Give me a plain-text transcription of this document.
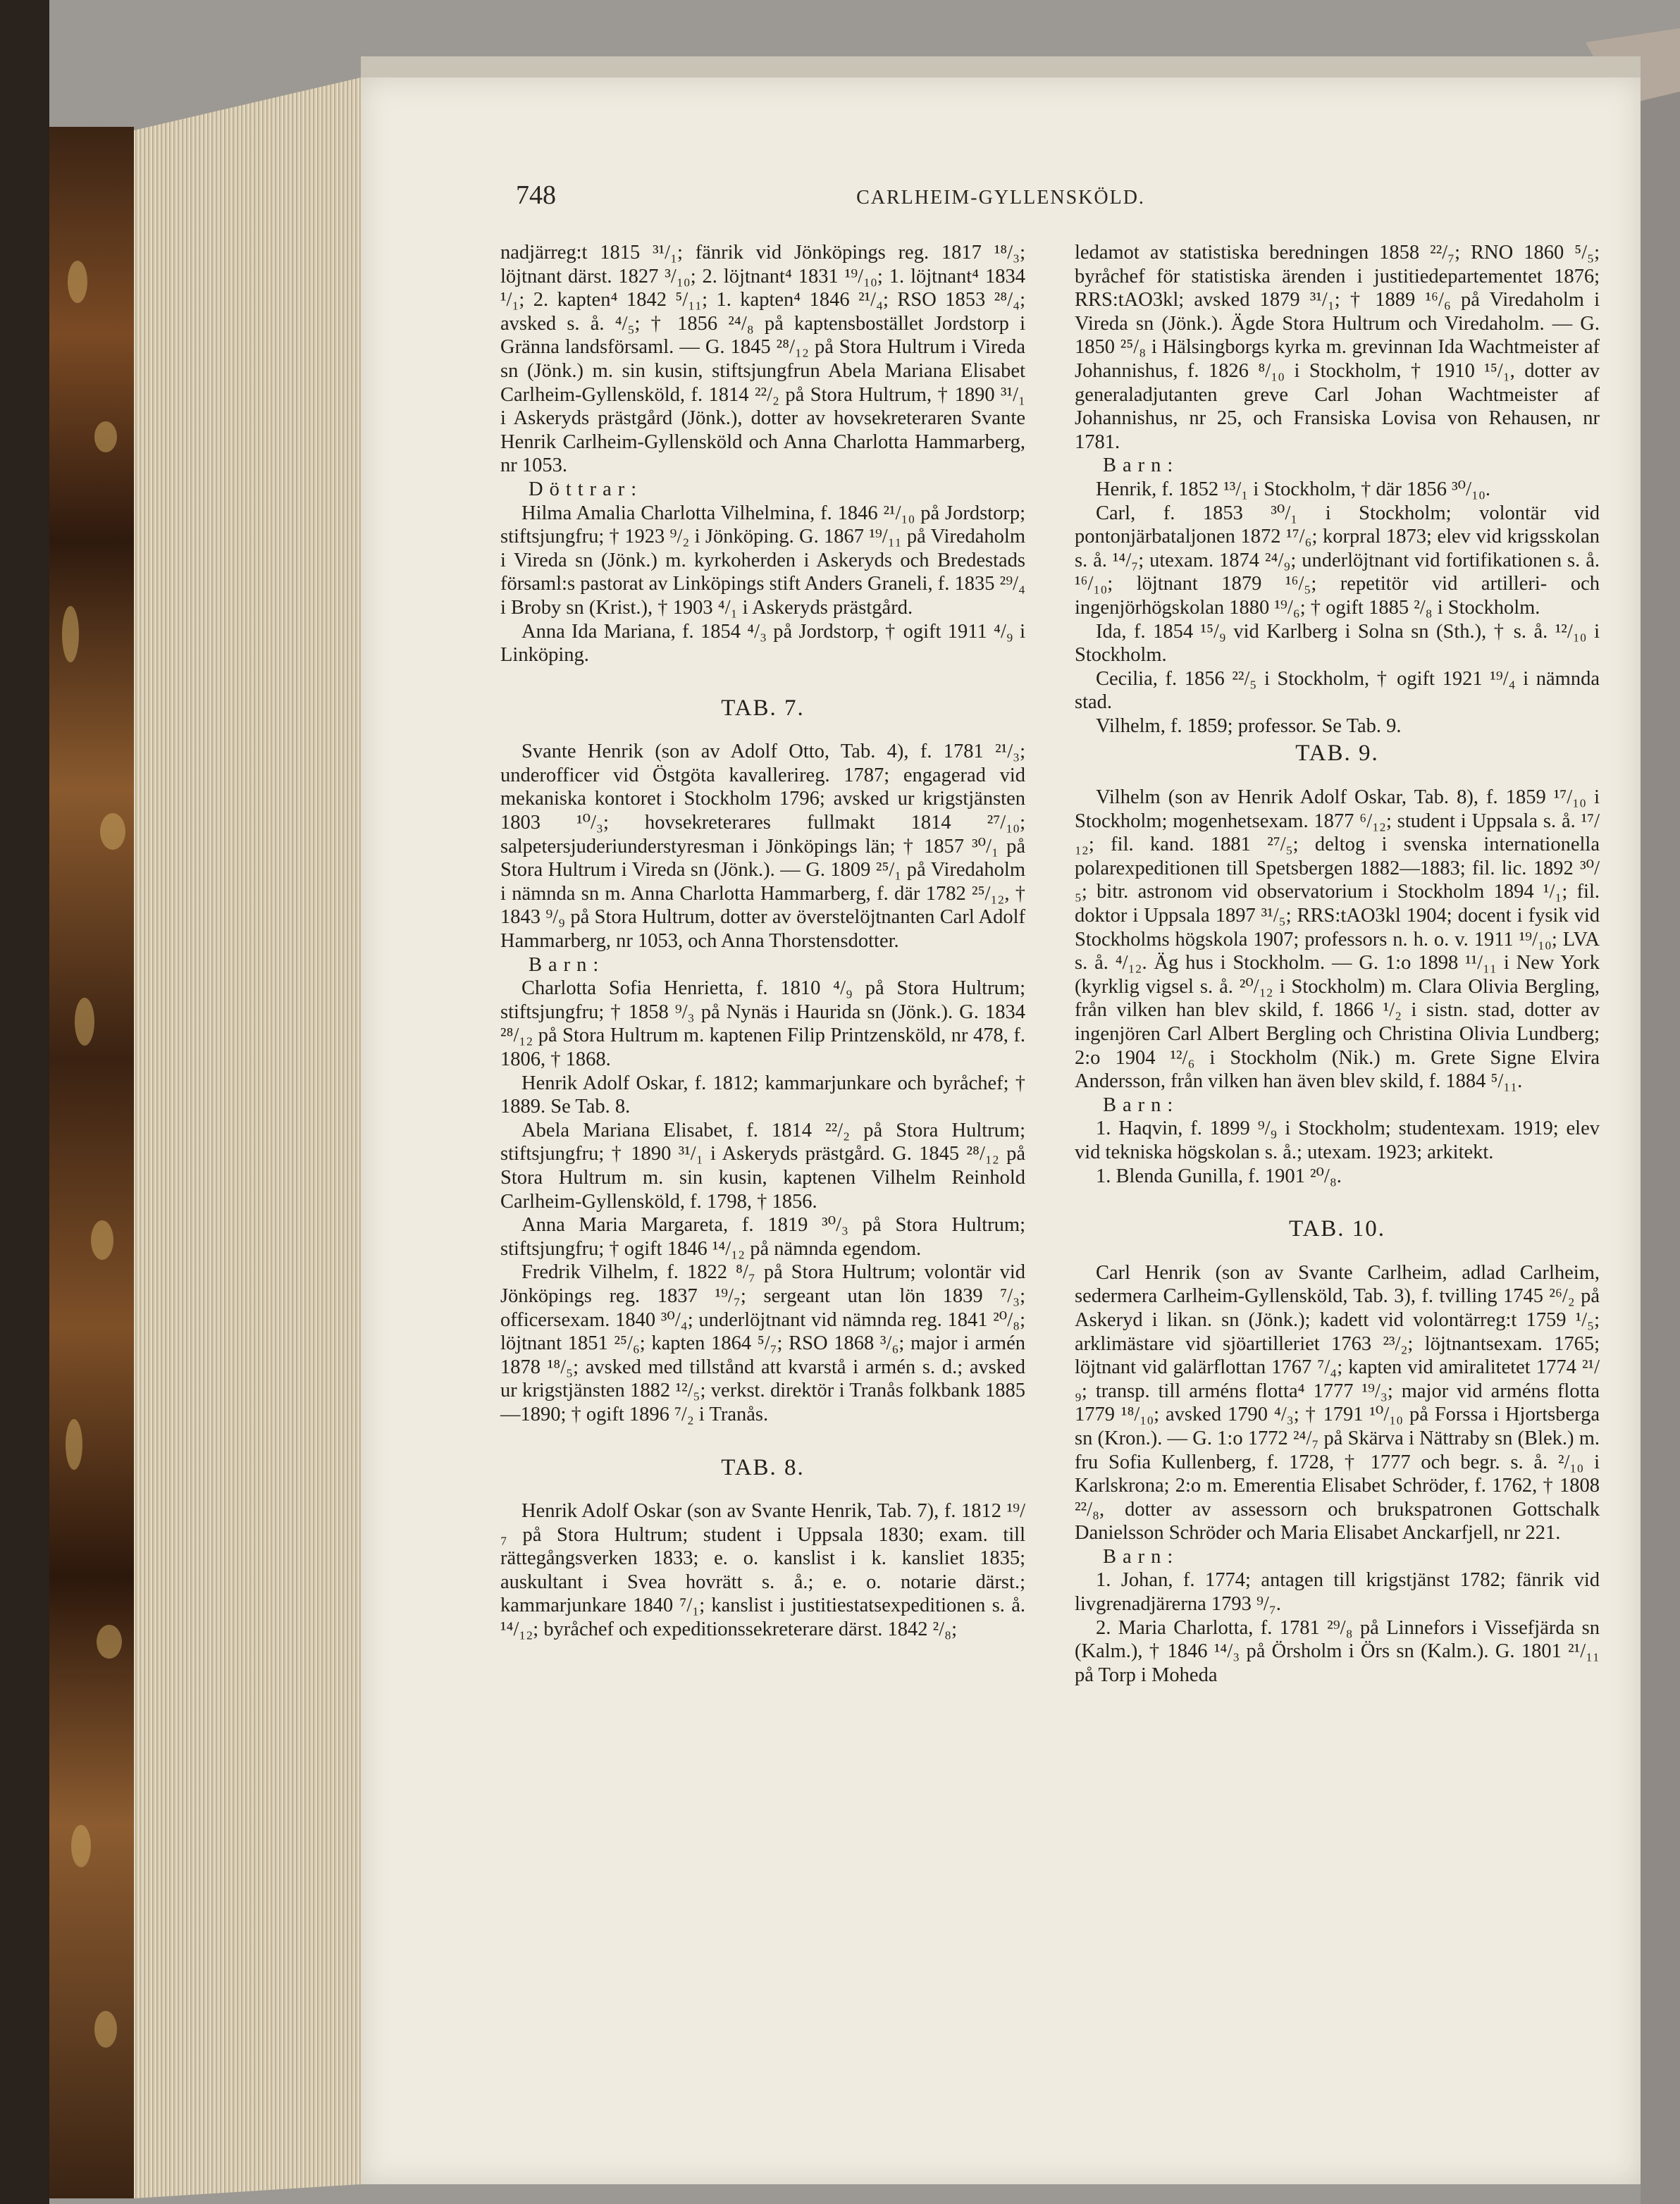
748	CARLHEIM-GYLLENSKÖLD.

nadjärreg:t 1815 ³¹/₁; fänrik vid Jönköpings reg. 1817 ¹⁸/₃; löjtnant därst. 1827 ³/₁₀; 2. löjtnant⁴ 1831 ¹⁹/₁₀; 1. löjtnant⁴ 1834 ¹/₁; 2. kapten⁴ 1842 ⁵/₁₁; 1. kapten⁴ 1846 ²¹/₄; RSO 1853 ²⁸/₄; avsked s. å. ⁴/₅; † 1856 ²⁴/₈ på kaptensbostället Jordstorp i Gränna landsförsaml. — G. 1845 ²⁸/₁₂ på Stora Hultrum i Vireda sn (Jönk.) m. sin kusin, stiftsjungfrun Abela Mariana Elisabet Carlheim-Gyllensköld, f. 1814 ²²/₂ på Stora Hultrum, † 1890 ³¹/₁ i Askeryds prästgård (Jönk.), dotter av hovsekreteraren Svante Henrik Carlheim-Gyllensköld och Anna Charlotta Hammarberg, nr 1053.

Döttrar:

Hilma Amalia Charlotta Vilhelmina, f. 1846 ²¹/₁₀ på Jordstorp; stiftsjungfru; † 1923 ⁹/₂ i Jönköping. G. 1867 ¹⁹/₁₁ på Viredaholm i Vireda sn (Jönk.) m. kyrkoherden i Askeryds och Bredestads församl:s pastorat av Linköpings stift Anders Graneli, f. 1835 ²⁹/₄ i Broby sn (Krist.), † 1903 ⁴/₁ i Askeryds prästgård.

Anna Ida Mariana, f. 1854 ⁴/₃ på Jordstorp, † ogift 1911 ⁴/₉ i Linköping.

TAB. 7.

Svante Henrik (son av Adolf Otto, Tab. 4), f. 1781 ²¹/₃; underofficer vid Östgöta kavallerireg. 1787; engagerad vid mekaniska kontoret i Stockholm 1796; avsked ur krigstjänsten 1803 ¹⁰/₃; hovsekreterares fullmakt 1814 ²⁷/₁₀; salpetersjuderiunderstyresman i Jönköpings län; † 1857 ³⁰/₁ på Stora Hultrum i Vireda sn (Jönk.). — G. 1809 ²⁵/₁ på Viredaholm i nämnda sn m. Anna Charlotta Hammarberg, f. där 1782 ²⁵/₁₂, † 1843 ⁹/₉ på Stora Hultrum, dotter av överstelöjtnanten Carl Adolf Hammarberg, nr 1053, och Anna Thorstensdotter.

Barn:

Charlotta Sofia Henrietta, f. 1810 ⁴/₉ på Stora Hultrum; stiftsjungfru; † 1858 ⁹/₃ på Nynäs i Haurida sn (Jönk.). G. 1834 ²⁸/₁₂ på Stora Hultrum m. kaptenen Filip Printzensköld, nr 478, f. 1806, † 1868.

Henrik Adolf Oskar, f. 1812; kammarjunkare och byråchef; † 1889. Se Tab. 8.

Abela Mariana Elisabet, f. 1814 ²²/₂ på Stora Hultrum; stiftsjungfru; † 1890 ³¹/₁ i Askeryds prästgård. G. 1845 ²⁸/₁₂ på Stora Hultrum m. sin kusin, kaptenen Vilhelm Reinhold Carlheim-Gyllensköld, f. 1798, † 1856.

Anna Maria Margareta, f. 1819 ³⁰/₃ på Stora Hultrum; stiftsjungfru; † ogift 1846 ¹⁴/₁₂ på nämnda egendom.

Fredrik Vilhelm, f. 1822 ⁸/₇ på Stora Hultrum; volontär vid Jönköpings reg. 1837 ¹⁹/₇; sergeant utan lön 1839 ⁷/₃; officersexam. 1840 ³⁰/₄; underlöjtnant vid nämnda reg. 1841 ²⁰/₈; löjtnant 1851 ²⁵/₆; kapten 1864 ⁵/₇; RSO 1868 ³/₆; major i armén 1878 ¹⁸/₅; avsked med tillstånd att kvarstå i armén s. d.; avsked ur krigstjänsten 1882 ¹²/₅; verkst. direktör i Tranås folkbank 1885—1890; † ogift 1896 ⁷/₂ i Tranås.

TAB. 8.

Henrik Adolf Oskar (son av Svante Henrik, Tab. 7), f. 1812 ¹⁹/₇ på Stora Hultrum; student i Uppsala 1830; exam. till rättegångsverken 1833; e. o. kanslist i k. kansliet 1835; auskultant i Svea hovrätt s. å.; e. o. notarie därst.; kammarjunkare 1840 ⁷/₁; kanslist i justitiestatsexpeditionen s. å. ¹⁴/₁₂; byråchef och expeditionssekreterare därst. 1842 ²/₈;

ledamot av statistiska beredningen 1858 ²²/₇; RNO 1860 ⁵/₅; byråchef för statistiska ärenden i justitiedepartementet 1876; RRS:tAO3kl; avsked 1879 ³¹/₁; † 1889 ¹⁶/₆ på Viredaholm i Vireda sn (Jönk.). Ägde Stora Hultrum och Viredaholm. — G. 1850 ²⁵/₈ i Hälsingborgs kyrka m. grevinnan Ida Wachtmeister af Johannishus, f. 1826 ⁸/₁₀ i Stockholm, † 1910 ¹⁵/₁, dotter av generaladjutanten greve Carl Johan Wachtmeister af Johannishus, nr 25, och Fransiska Lovisa von Rehausen, nr 1781.

Barn:

Henrik, f. 1852 ¹³/₁ i Stockholm, † där 1856 ³⁰/₁₀.

Carl, f. 1853 ³⁰/₁ i Stockholm; volontär vid pontonjärbataljonen 1872 ¹⁷/₆; korpral 1873; elev vid krigsskolan s. å. ¹⁴/₇; utexam. 1874 ²⁴/₉; underlöjtnant vid fortifikationen s. å. ¹⁶/₁₀; löjtnant 1879 ¹⁶/₅; repetitör vid artilleri- och ingenjörhögskolan 1880 ¹⁹/₆; † ogift 1885 ²/₈ i Stockholm.

Ida, f. 1854 ¹⁵/₉ vid Karlberg i Solna sn (Sth.), † s. å. ¹²/₁₀ i Stockholm.

Cecilia, f. 1856 ²²/₅ i Stockholm, † ogift 1921 ¹⁹/₄ i nämnda stad.

Vilhelm, f. 1859; professor. Se Tab. 9.

TAB. 9.

Vilhelm (son av Henrik Adolf Oskar, Tab. 8), f. 1859 ¹⁷/₁₀ i Stockholm; mogenhetsexam. 1877 ⁶/₁₂; student i Uppsala s. å. ¹⁷/₁₂; fil. kand. 1881 ²⁷/₅; deltog i svenska internationella polarexpeditionen till Spetsbergen 1882—1883; fil. lic. 1892 ³⁰/₅; bitr. astronom vid observatorium i Stockholm 1894 ¹/₁; fil. doktor i Uppsala 1897 ³¹/₅; RRS:tAO3kl 1904; docent i fysik vid Stockholms högskola 1907; professors n. h. o. v. 1911 ¹⁹/₁₀; LVA s. å. ⁴/₁₂. Äg hus i Stockholm. — G. 1:o 1898 ¹¹/₁₁ i New York (kyrklig vigsel s. å. ²⁰/₁₂ i Stockholm) m. Clara Olivia Bergling, från vilken han blev skild, f. 1866 ¹/₂ i sistn. stad, dotter av ingenjören Carl Albert Bergling och Christina Olivia Lundberg; 2:o 1904 ¹²/₆ i Stockholm (Nik.) m. Grete Signe Elvira Andersson, från vilken han även blev skild, f. 1884 ⁵/₁₁.

Barn:

1. Haqvin, f. 1899 ⁹/₉ i Stockholm; studentexam. 1919; elev vid tekniska högskolan s. å.; utexam. 1923; arkitekt.

1. Blenda Gunilla, f. 1901 ²⁰/₈.

TAB. 10.

Carl Henrik (son av Svante Carlheim, adlad Carlheim, sedermera Carlheim-Gyllensköld, Tab. 3), f. tvilling 1745 ²⁶/₂ på Askeryd i likan. sn (Jönk.); kadett vid volontärreg:t 1759 ¹/₅; arklimästare vid sjöartilleriet 1763 ²³/₂; löjtnantsexam. 1765; löjtnant vid galärflottan 1767 ⁷/₄; kapten vid amiralitetet 1774 ²¹/₉; transp. till arméns flotta⁴ 1777 ¹⁹/₃; major vid arméns flotta 1779 ¹⁸/₁₀; avsked 1790 ⁴/₃; † 1791 ¹⁰/₁₀ på Forssa i Hjortsberga sn (Kron.). — G. 1:o 1772 ²⁴/₇ på Skärva i Nättraby sn (Blek.) m. fru Sofia Kullenberg, f. 1728, † 1777 och begr. s. å. ²/₁₀ i Karlskrona; 2:o m. Emerentia Elisabet Schröder, f. 1762, † 1808 ²²/₈, dotter av assessorn och brukspatronen Gottschalk Danielsson Schröder och Maria Elisabet Anckarfjell, nr 221.

Barn:

1. Johan, f. 1774; antagen till krigstjänst 1782; fänrik vid livgrenadjärerna 1793 ⁹/₇.

2. Maria Charlotta, f. 1781 ²⁹/₈ på Linnefors i Vissefjärda sn (Kalm.), † 1846 ¹⁴/₃ på Örsholm i Örs sn (Kalm.). G. 1801 ²¹/₁₁ på Torp i Moheda
